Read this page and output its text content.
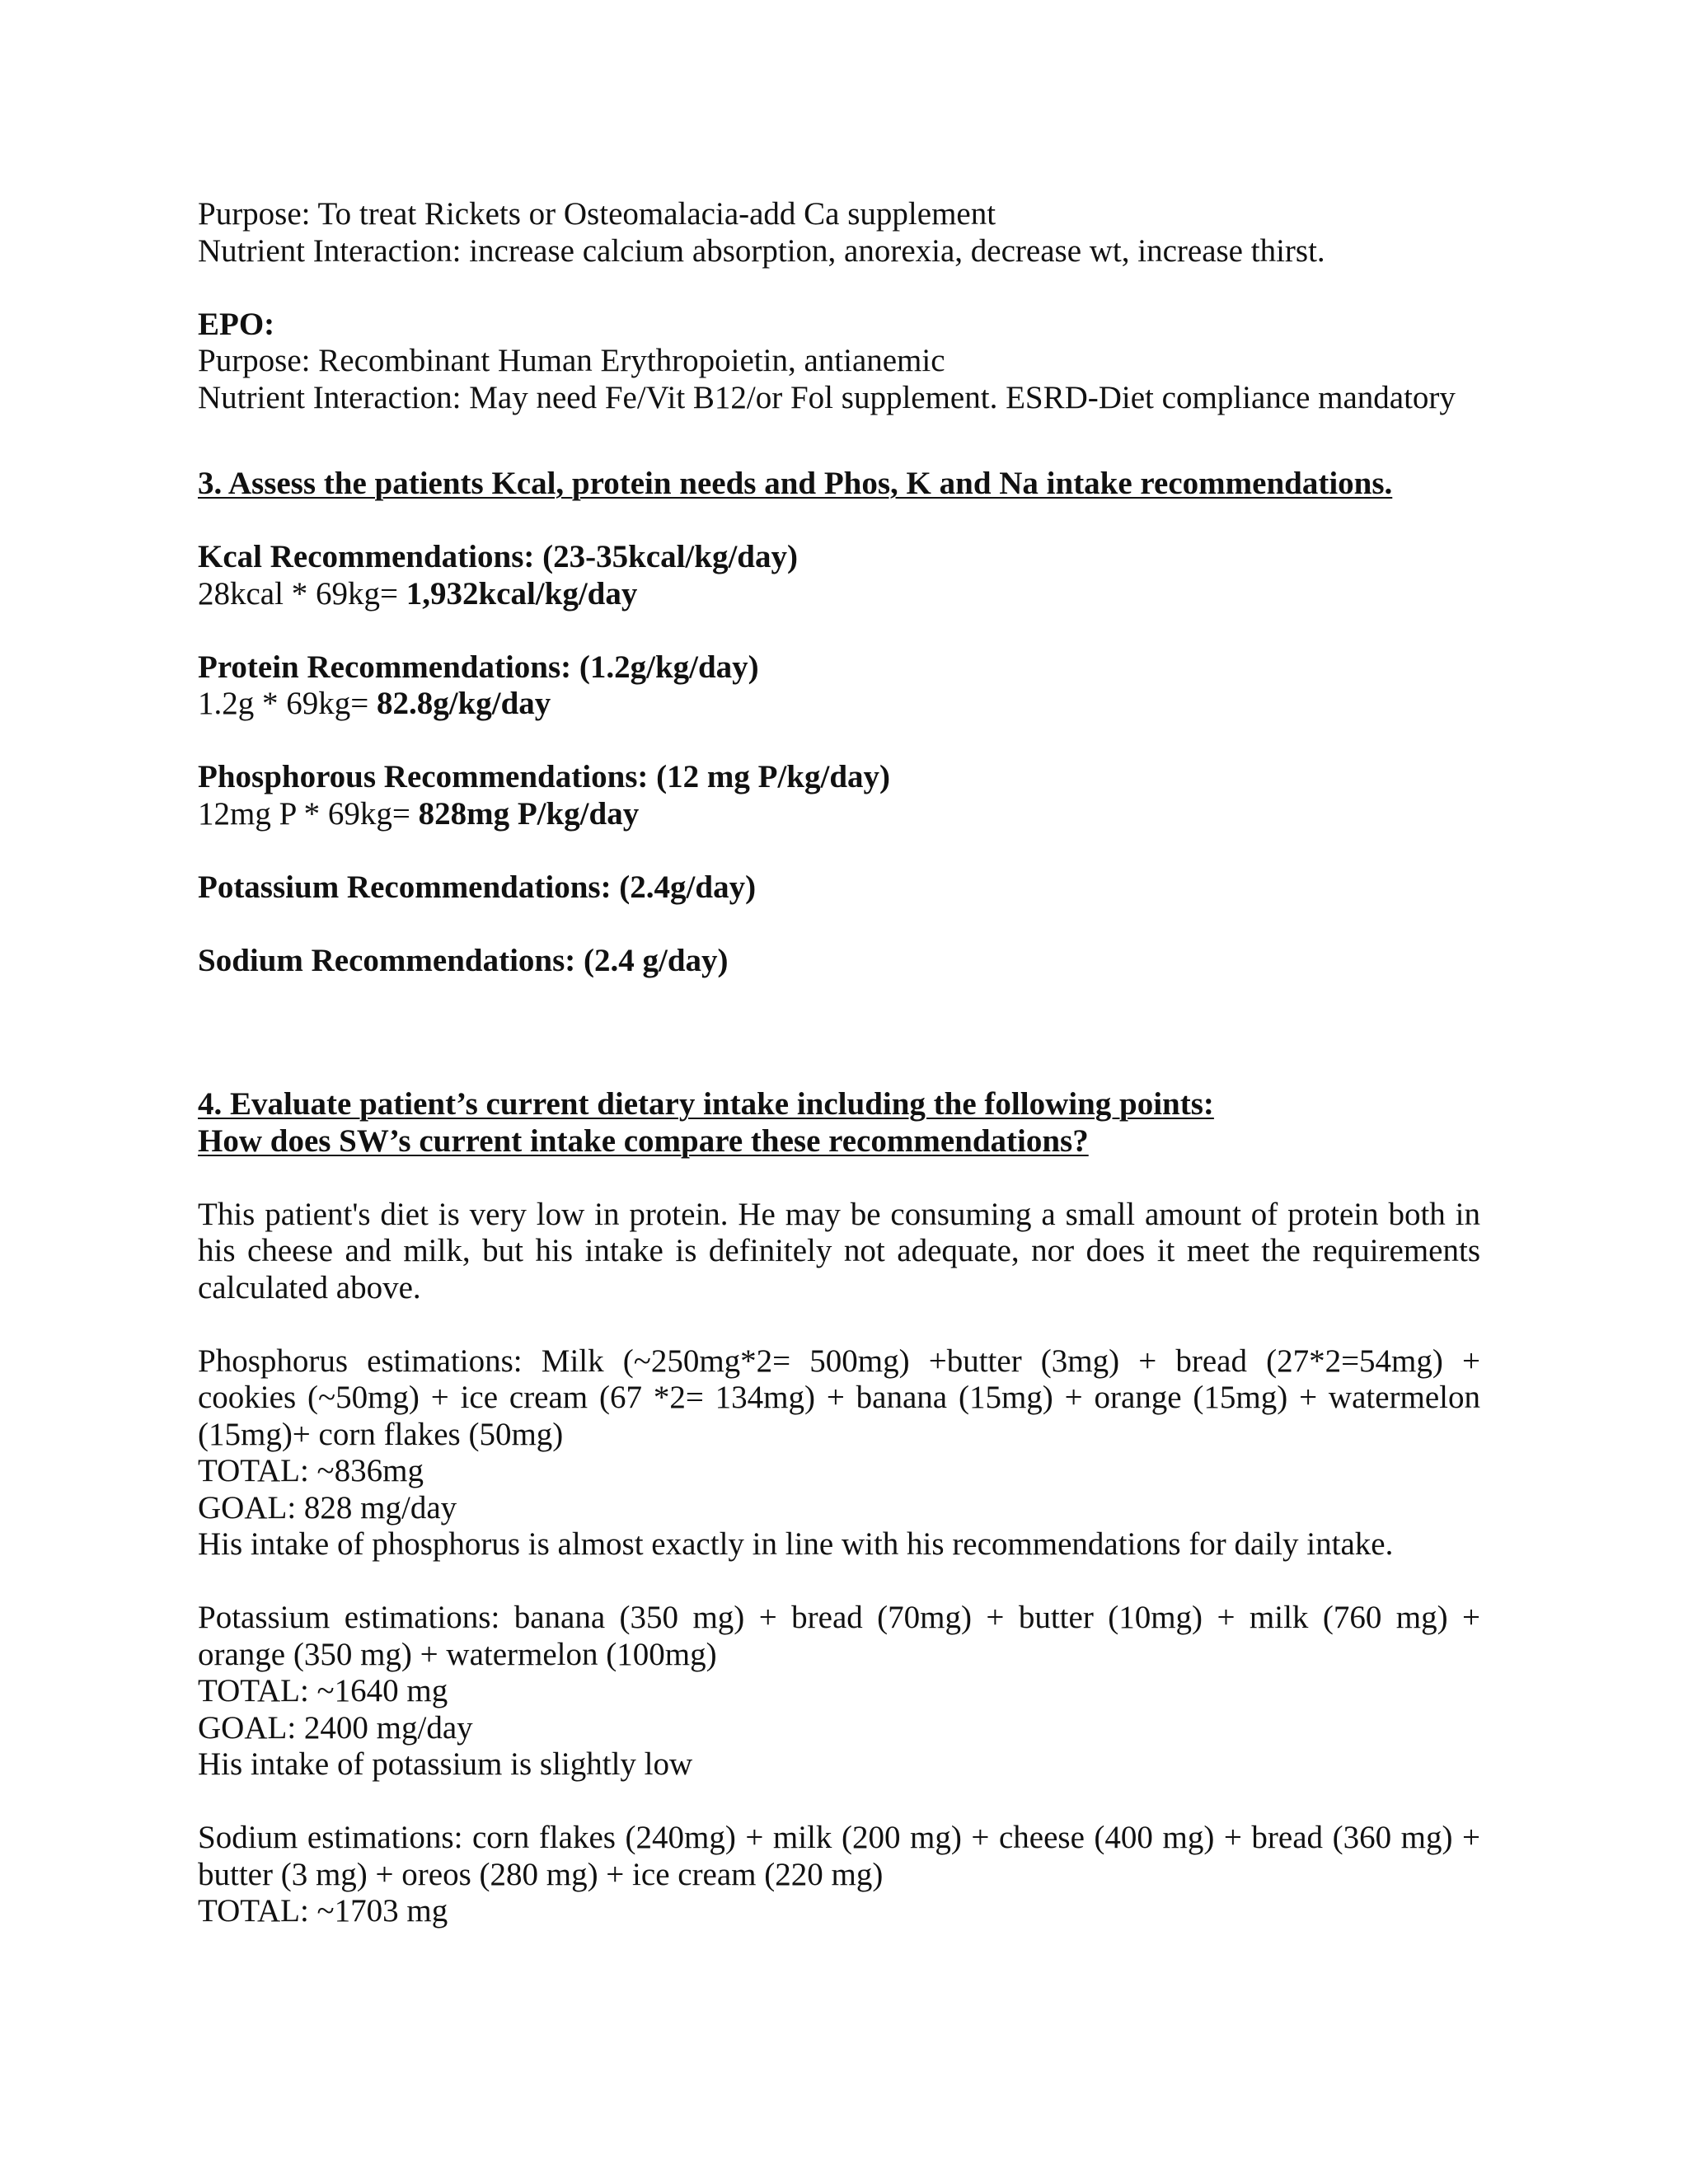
Purpose: To treat Rickets or Osteomalacia-add Ca supplement
Nutrient Interaction: increase calcium absorption, anorexia, decrease wt, increase thirst.
EPO:
Purpose: Recombinant Human Erythropoietin, antianemic
Nutrient Interaction: May need Fe/Vit B12/or Fol supplement. ESRD-Diet compliance mandatory
3. Assess the patients Kcal, protein needs and Phos, K and Na intake recommendations.
Kcal Recommendations: (23-35kcal/kg/day)
28kcal * 69kg= 1,932kcal/kg/day
Protein Recommendations: (1.2g/kg/day)
1.2g * 69kg= 82.8g/kg/day
Phosphorous Recommendations: (12 mg P/kg/day)
12mg P * 69kg= 828mg P/kg/day
Potassium Recommendations: (2.4g/day)
Sodium Recommendations: (2.4 g/day)
4. Evaluate patient’s current dietary intake including the following points:
How does SW’s current intake compare these recommendations?
This patient's diet is very low in protein. He may be consuming a small amount of protein both in
his cheese and milk, but his intake is definitely not adequate, nor does it meet the requirements
calculated above.
Phosphorus estimations: Milk (~250mg*2= 500mg) +butter (3mg) + bread (27*2=54mg) +
cookies (~50mg) + ice cream (67 *2= 134mg) + banana (15mg) + orange (15mg) + watermelon
(15mg)+ corn flakes (50mg)
TOTAL: ~836mg
GOAL: 828 mg/day
His intake of phosphorus is almost exactly in line with his recommendations for daily intake.
Potassium estimations: banana (350 mg) + bread (70mg) + butter (10mg) + milk (760 mg) +
orange (350 mg) + watermelon (100mg)
TOTAL: ~1640 mg
GOAL: 2400 mg/day
His intake of potassium is slightly low
Sodium estimations: corn flakes (240mg) + milk (200 mg) + cheese (400 mg) + bread (360 mg) +
butter (3 mg) + oreos (280 mg) + ice cream (220 mg)
TOTAL: ~1703 mg
